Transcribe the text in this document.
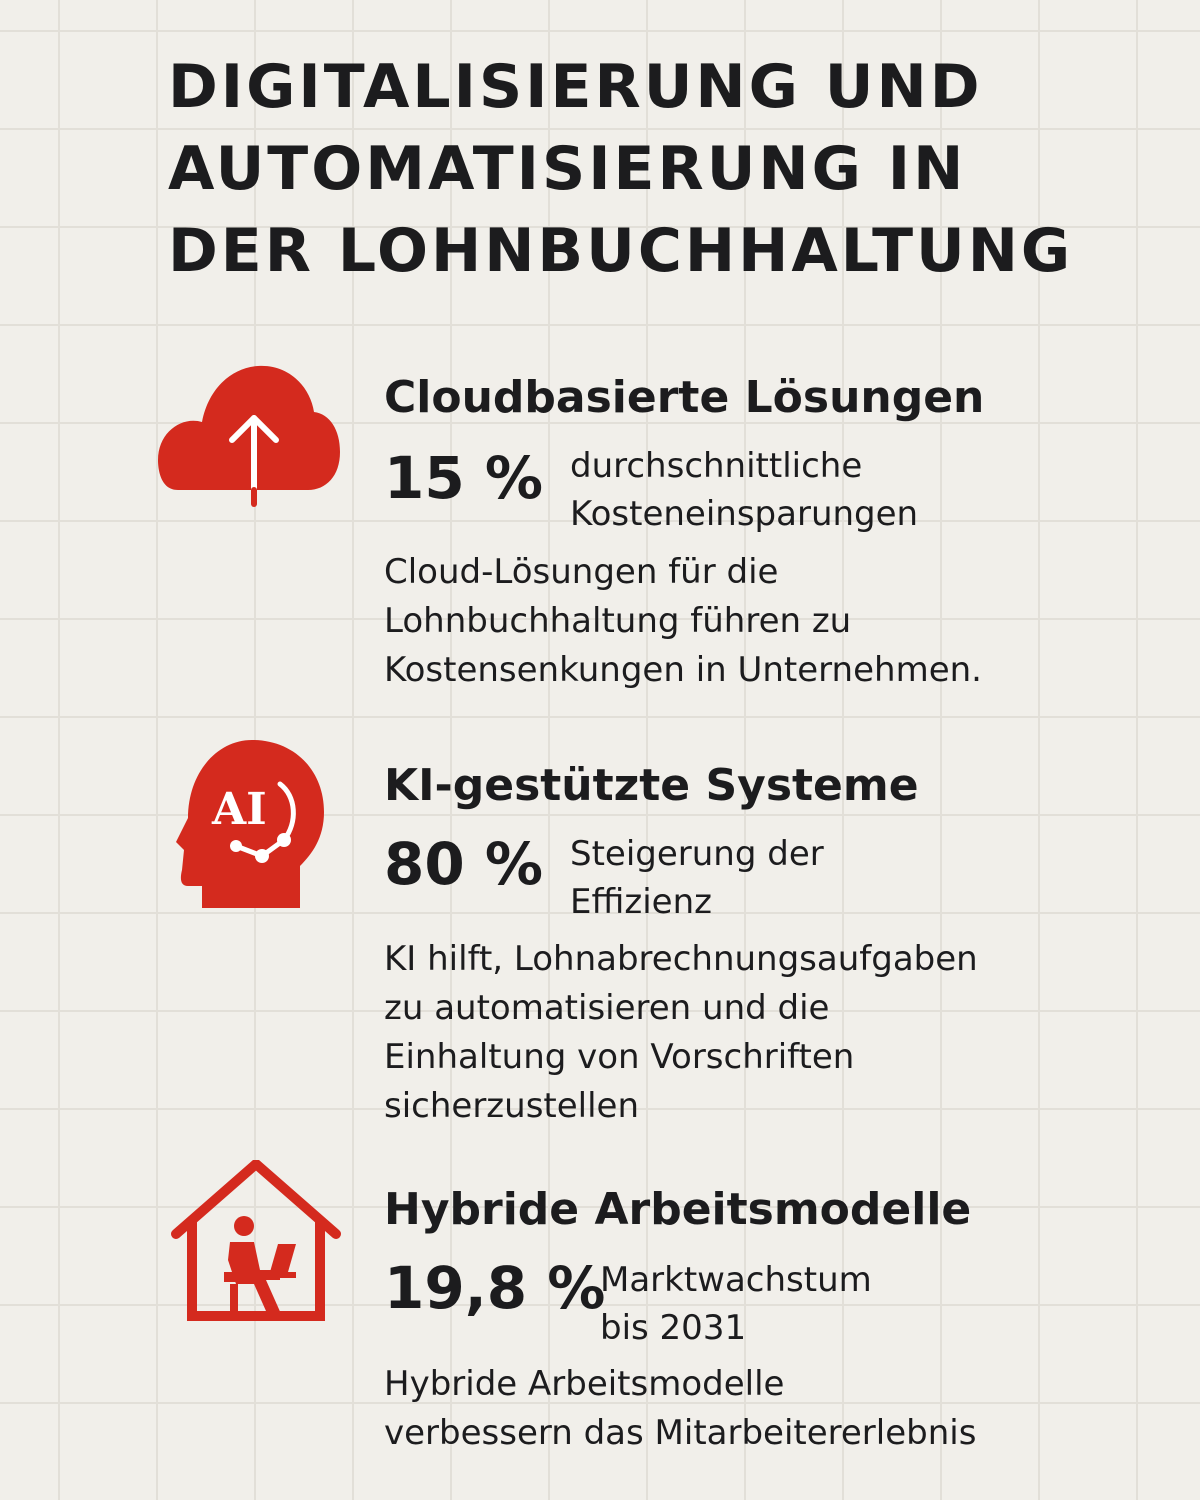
DIGITALISIERUNG UND
AUTOMATISIERUNG IN
DER LOHNBUCHHALTUNG
Cloudbasierte Lösungen
15 % durchschnittliche
Kosteneinsparungen

Cloud-Lösungen für die
Lohnbuchhaltung führen zu
Kostensenkungen in Unternehmen.

AI	KI-gestützte Systeme
80 % Steigerung der
Effizienz

KI hilft, Lohnabrechnungsaufgaben
zu automatisieren und die
Einhaltung von Vorschriften
sicherzustellen

Hybride Arbeitsmodelle
19,8 %
Marktwachstum
bis 2031

Hybride Arbeitsmodelle
verbessern das Mitarbeitererlebnis
